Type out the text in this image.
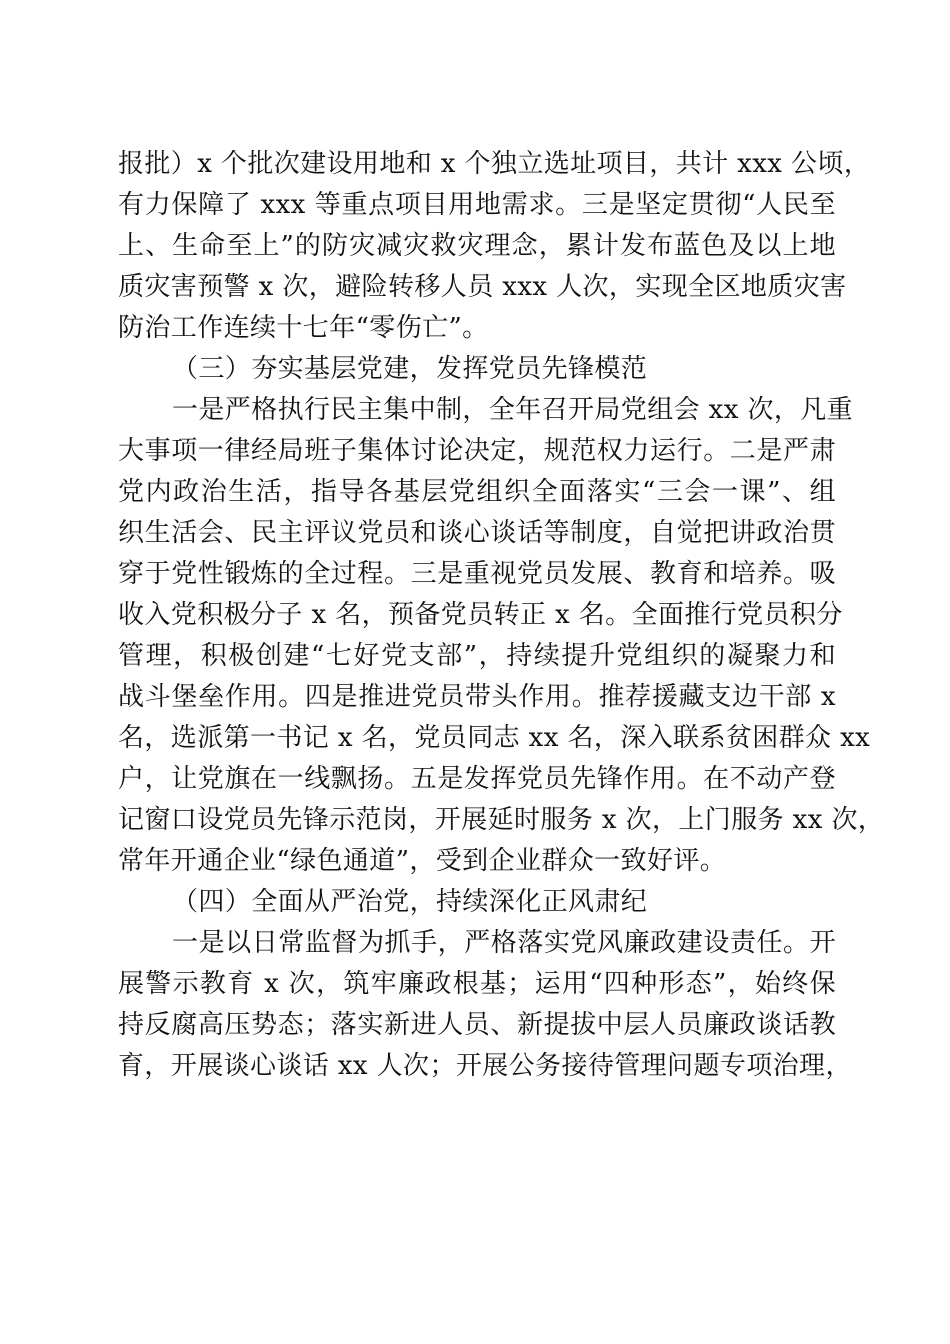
报批）x 个批次建设用地和 x 个独立选址项目，共计 xxx 公顷，
有力保障了 xxx 等重点项目用地需求。三是坚定贯彻“人民至
上、生命至上”的防灾减灾救灾理念，累计发布蓝色及以上地
质灾害预警 x 次，避险转移人员 xxx 人次，实现全区地质灾害
防治工作连续十七年“零伤亡”。
（三）夯实基层党建，发挥党员先锋模范
一是严格执行民主集中制，全年召开局党组会 xx 次，凡重
大事项一律经局班子集体讨论决定，规范权力运行。二是严肃
党内政治生活，指导各基层党组织全面落实“三会一课”、组
织生活会、民主评议党员和谈心谈话等制度，自觉把讲政治贯
穿于党性锻炼的全过程。三是重视党员发展、教育和培养。吸
收入党积极分子 x 名，预备党员转正 x 名。全面推行党员积分
管理，积极创建“七好党支部”，持续提升党组织的凝聚力和
战斗堡垒作用。四是推进党员带头作用。推荐援藏支边干部 x
名，选派第一书记 x 名，党员同志 xx 名，深入联系贫困群众 xx
户，让党旗在一线飘扬。五是发挥党员先锋作用。在不动产登
记窗口设党员先锋示范岗，开展延时服务 x 次，上门服务 xx 次，
常年开通企业“绿色通道”，受到企业群众一致好评。
（四）全面从严治党，持续深化正风肃纪
一是以日常监督为抓手，严格落实党风廉政建设责任。开
展警示教育 x 次，筑牢廉政根基；运用“四种形态”，始终保
持反腐高压势态；落实新进人员、新提拔中层人员廉政谈话教
育，开展谈心谈话 xx 人次；开展公务接待管理问题专项治理，
